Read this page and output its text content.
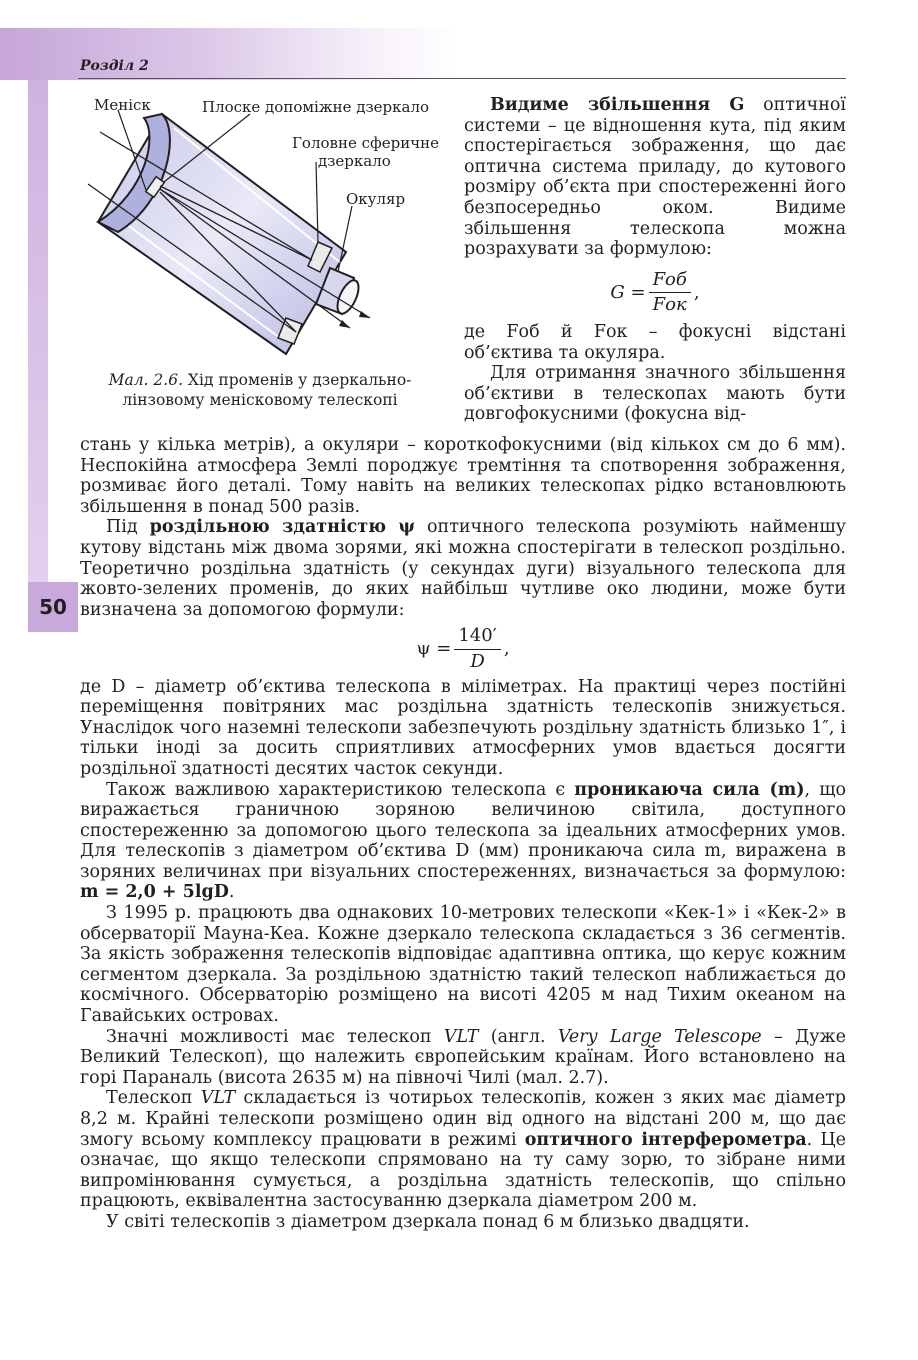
50
Розділ 2
Меніск	Плоске допоміжне дзеркало
Головне сферичне
дзеркало
Окуляр
Мал. 2.6. Хід променів у дзеркально-лінзовому менісковому телескопі

Видиме збільшення G оптичної системи – це відношення кута, під яким спостерігається зображення, що дає оптична система приладу, до кутового розміру об’єкта при спостереженні його безпосередньо оком. Видиме збільшення телескопа можна розрахувати за формулою:

$G = \frac{\text{Fоб}}{\text{Fок}}$ ,

де Fоб й Fок – фокусні відстані об’єктива та окуляра.

Для отримання значного збільшення об’єктиви в телескопах мають бути довгофокусними (фокусна від-

стань у кілька метрів), а окуляри – короткофокусними (від кількох см до 6 мм). Неспокійна атмосфера Землі породжує тремтіння та спотворення зображення, розмиває його деталі. Тому навіть на великих телескопах рідко встановлюють збільшення в понад 500 разів.

Під роздільною здатністю ψ оптичного телескопа розуміють найменшу кутову відстань між двома зорями, які можна спостерігати в телескоп роздільно. Теоретично роздільна здатність (у секундах дуги) візуального телескопа для жовто-зелених променів, до яких найбільш чутливе око людини, може бути визначена за допомогою формули:

$\psi = \frac{140'}{D}$ ,

де D – діаметр об’єктива телескопа в міліметрах. На практиці через постійні переміщення повітряних мас роздільна здатність телескопів знижується. Унаслідок чого наземні телескопи забезпечують роздільну здатність близько 1″, і тільки іноді за досить сприятливих атмосферних умов вдається досягти роздільної здатності десятих часток секунди.

Також важливою характеристикою телескопа є проникаюча сила (m), що виражається граничною зоряною величиною світила, доступного спостереженню за допомогою цього телескопа за ідеальних атмосферних умов. Для телескопів з діаметром об’єктива D (мм) проникаюча сила m, виражена в зоряних величинах при візуальних спостереженнях, визначається за формулою: m = 2,0 + 5lgD.

З 1995 р. працюють два однакових 10-метрових телескопи «Кек-1» і «Кек-2» в обсерваторії Мауна-Кеа. Кожне дзеркало телескопа складається з 36 сегментів. За якість зображення телескопів відповідає адаптивна оптика, що керує кожним сегментом дзеркала. За роздільною здатністю такий телескоп наближається до космічного. Обсерваторію розміщено на висоті 4205 м над Тихим океаном на Гавайських островах.

Значні можливості має телескоп VLT (англ. Very Large Telescope – Дуже Великий Телескоп), що належить європейським країнам. Його встановлено на горі Параналь (висота 2635 м) на півночі Чилі (мал. 2.7).

Телескоп VLT складається із чотирьох телескопів, кожен з яких має діаметр 8,2 м. Крайні телескопи розміщено один від одного на відстані 200 м, що дає змогу всьому комплексу працювати в режимі оптичного інтерферометра. Це означає, що якщо телескопи спрямовано на ту саму зорю, то зібране ними випромінювання сумується, а роздільна здатність телескопів, що спільно працюють, еквівалентна застосуванню дзеркала діаметром 200 м.

У світі телескопів з діаметром дзеркала понад 6 м близько двадцяти.
